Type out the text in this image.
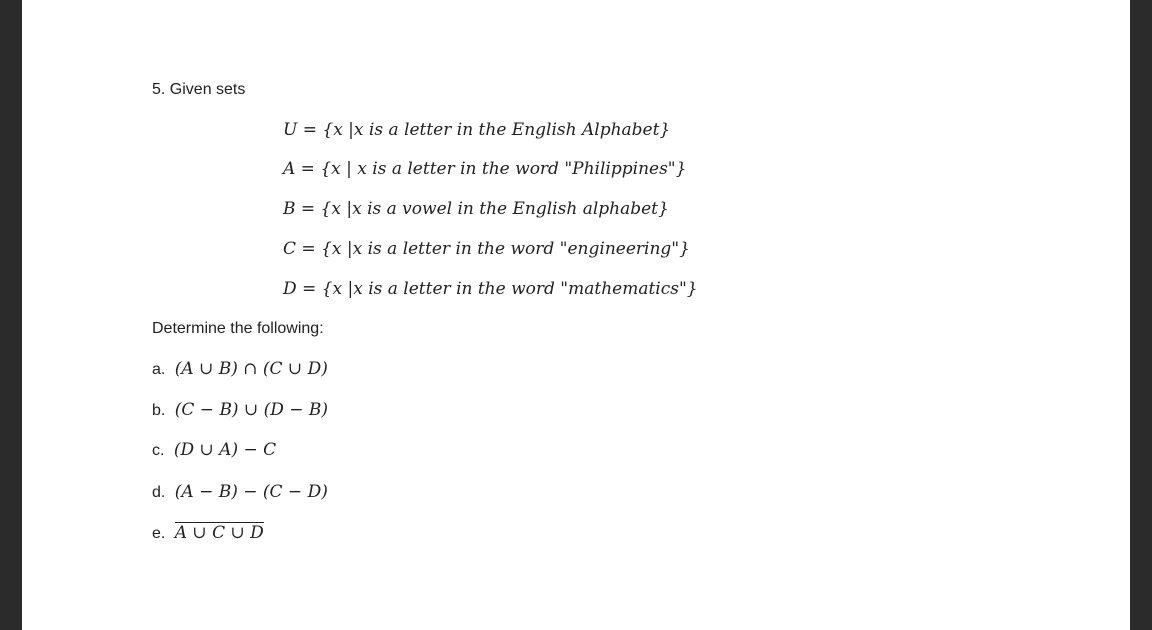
5. Given sets
U = {x |x is a letter in the English Alphabet}
A = {x | x is a letter in the word "Philippines"}
B = {x |x is a vowel in the English alphabet}
C = {x |x is a letter in the word "engineering"}
D = {x |x is a letter in the word "mathematics"}
Determine the following:
a. (A ∪ B) ∩ (C ∪ D)
b. (C − B) ∪ (D − B)
c. (D ∪ A) − C
d. (A − B) − (C − D)
e. A ∪ C ∪ D
